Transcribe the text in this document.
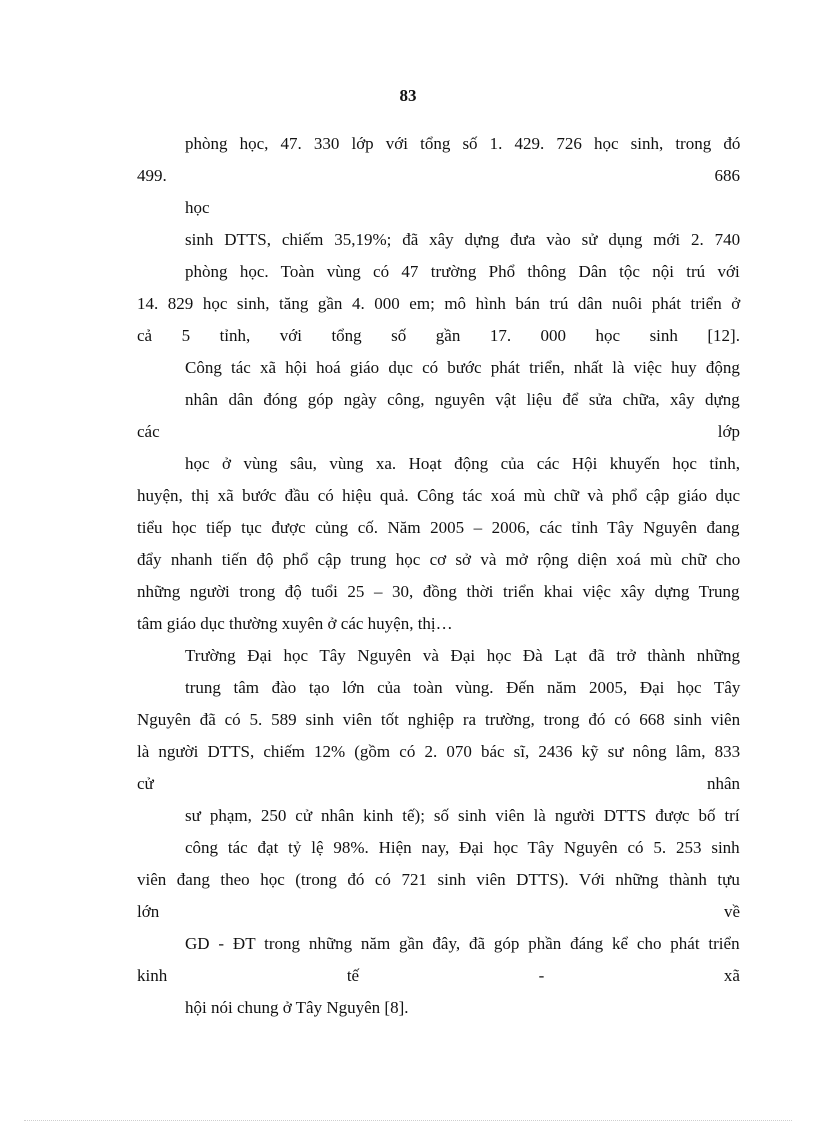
83
phòng học, 47. 330 lớp với tổng số 1. 429. 726 học sinh, trong đó
499.	686
học
sinh DTTS, chiếm 35,19%; đã xây dựng đưa vào sử dụng mới 2. 740
phòng học. Toàn vùng có 47 trường Phổ thông Dân tộc nội trú với
14. 829 học sinh, tăng gần 4. 000 em; mô hình bán trú dân nuôi phát triển ở
cả 5 tỉnh, với tổng số gần 17. 000 học sinh [12].
Công tác xã hội hoá giáo dục có bước phát triển, nhất là việc huy động
nhân dân đóng góp ngày công, nguyên vật liệu để sửa chữa, xây dựng
các	lớp
học ở vùng sâu, vùng xa. Hoạt động của các Hội khuyến học tỉnh,
huyện, thị xã bước đầu có hiệu quả. Công tác xoá mù chữ và phổ cập giáo dục
tiểu học tiếp tục được củng cố. Năm 2005 – 2006, các tỉnh Tây Nguyên đang
đẩy nhanh tiến độ phổ cập trung học cơ sở và mở rộng diện xoá mù chữ cho
những người trong độ tuổi 25 – 30, đồng thời triển khai việc xây dựng Trung
tâm giáo dục thường xuyên ở các huyện, thị…
Trường Đại học Tây Nguyên và Đại học Đà Lạt đã trở thành những
trung tâm đào tạo lớn của toàn vùng. Đến năm 2005, Đại học Tây
Nguyên đã có 5. 589 sinh viên tốt nghiệp ra trường, trong đó có 668 sinh viên
là người DTTS, chiếm 12% (gồm có 2. 070 bác sĩ, 2436 kỹ sư nông lâm, 833
cử	nhân
sư phạm, 250 cử nhân kinh tế); số sinh viên là người DTTS được bố trí
công tác đạt tỷ lệ 98%. Hiện nay, Đại học Tây Nguyên có 5. 253 sinh
viên đang theo học (trong đó có 721 sinh viên DTTS). Với những thành tựu
lớn	về
GD - ĐT trong những năm gần đây, đã góp phần đáng kể cho phát triển
kinh	tế	-	xã
hội nói chung ở Tây Nguyên [8].
